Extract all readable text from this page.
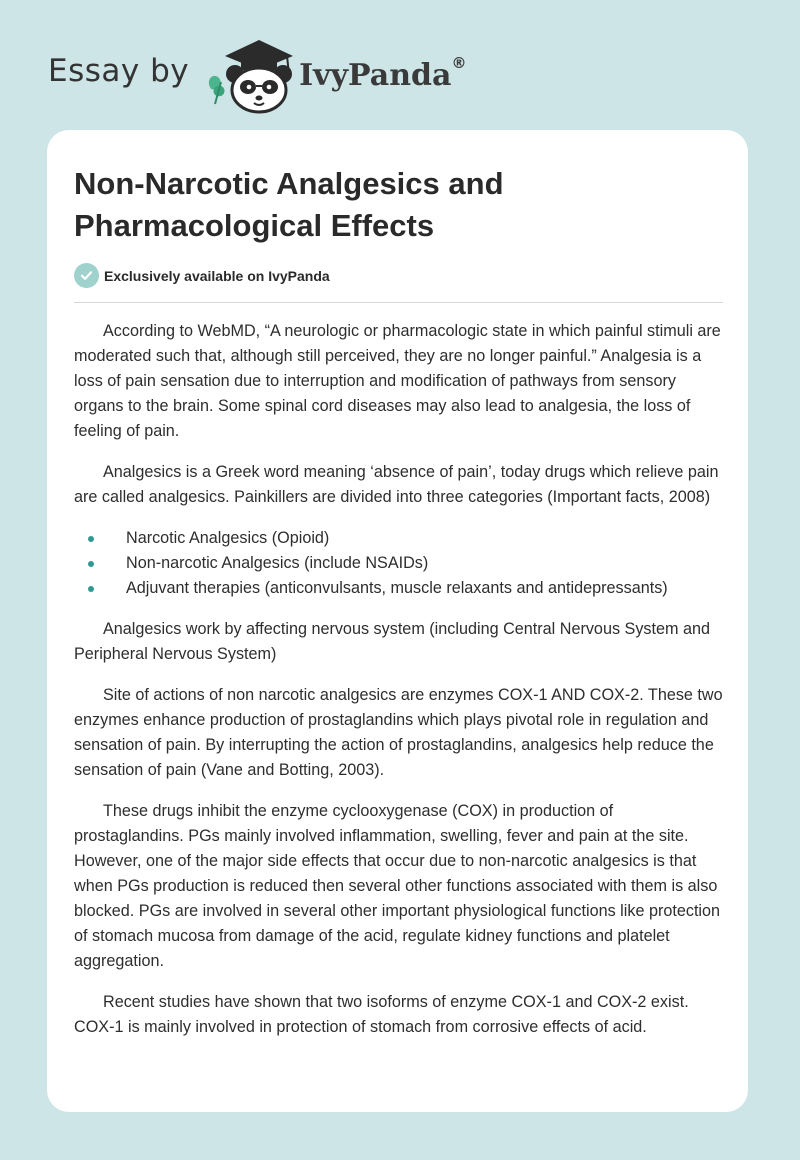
Essay by	IvyPanda®
Non-Narcotic Analgesics and Pharmacological Effects
Exclusively available on IvyPanda

According to WebMD, “A neurologic or pharmacologic state in which painful stimuli are moderated such that, although still perceived, they are no longer painful.” Analgesia is a loss of pain sensation due to interruption and modification of pathways from sensory organs to the brain. Some spinal cord diseases may also lead to analgesia, the loss of feeling of pain.

Analgesics is a Greek word meaning ‘absence of pain’, today drugs which relieve pain are called analgesics. Painkillers are divided into three categories (Important facts, 2008)

Narcotic Analgesics (Opioid)
Non-narcotic Analgesics (include NSAIDs)
Adjuvant therapies (anticonvulsants, muscle relaxants and antidepressants)

Analgesics work by affecting nervous system (including Central Nervous System and Peripheral Nervous System)

Site of actions of non narcotic analgesics are enzymes COX-1 AND COX-2. These two enzymes enhance production of prostaglandins which plays pivotal role in regulation and sensation of pain. By interrupting the action of prostaglandins, analgesics help reduce the sensation of pain (Vane and Botting, 2003).

These drugs inhibit the enzyme cyclooxygenase (COX) in production of prostaglandins. PGs mainly involved inflammation, swelling, fever and pain at the site. However, one of the major side effects that occur due to non-narcotic analgesics is that when PGs production is reduced then several other functions associated with them is also blocked. PGs are involved in several other important physiological functions like protection of stomach mucosa from damage of the acid, regulate kidney functions and platelet aggregation.

Recent studies have shown that two isoforms of enzyme COX-1 and COX-2 exist. COX-1 is mainly involved in protection of stomach from corrosive effects of acid.
